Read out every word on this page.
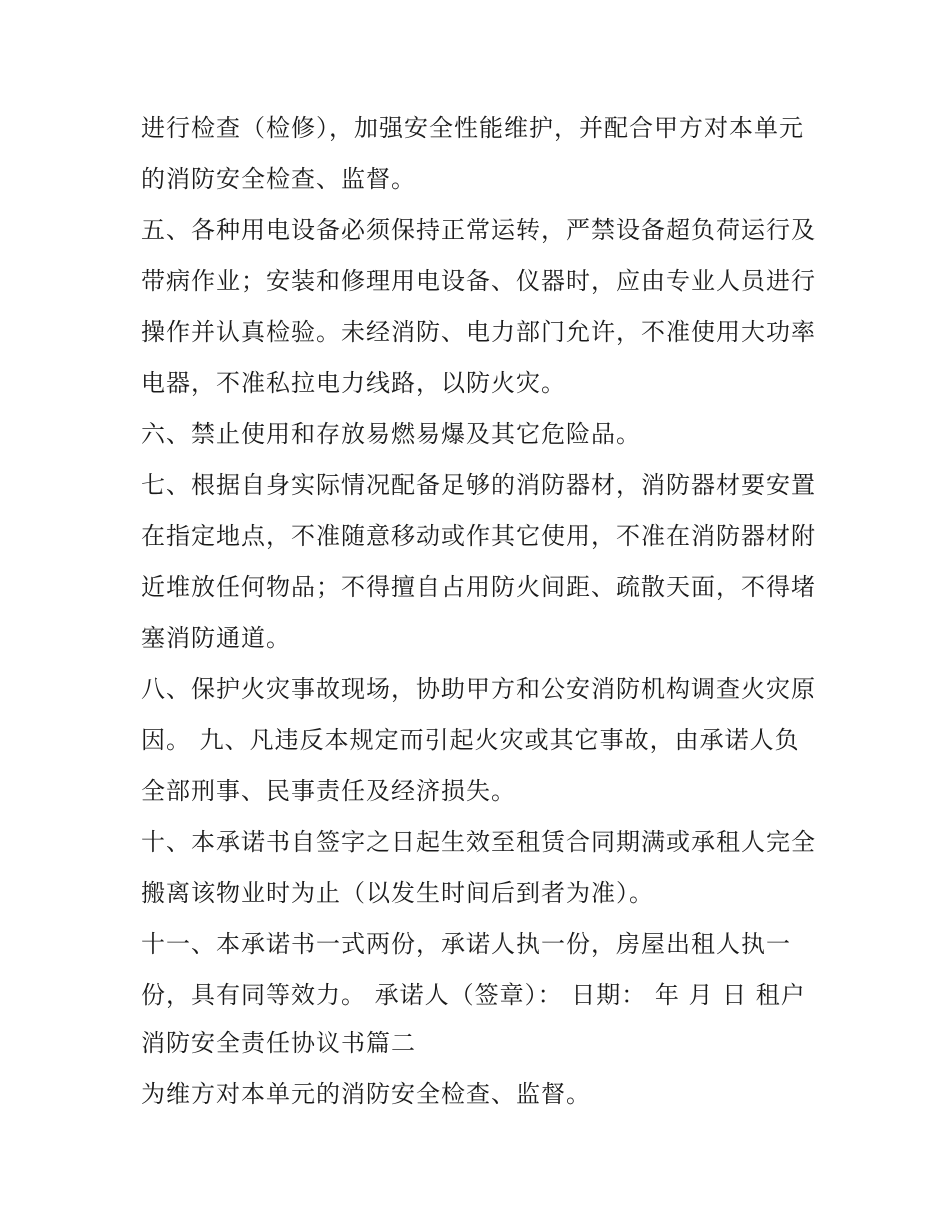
进行检查（检修），加强安全性能维护，并配合甲方对本单元
的消防安全检查、监督。
五、各种用电设备必须保持正常运转，严禁设备超负荷运行及
带病作业；安装和修理用电设备、仪器时，应由专业人员进行
操作并认真检验。未经消防、电力部门允许，不准使用大功率
电器，不准私拉电力线路，以防火灾。
六、禁止使用和存放易燃易爆及其它危险品。
七、根据自身实际情况配备足够的消防器材，消防器材要安置
在指定地点，不准随意移动或作其它使用，不准在消防器材附
近堆放任何物品；不得擅自占用防火间距、疏散天面，不得堵
塞消防通道。
八、保护火灾事故现场，协助甲方和公安消防机构调查火灾原
因。 九、凡违反本规定而引起火灾或其它事故，由承诺人负
全部刑事、民事责任及经济损失。
十、本承诺书自签字之日起生效至租赁合同期满或承租人完全
搬离该物业时为止（以发生时间后到者为准）。
十一、本承诺书一式两份，承诺人执一份，房屋出租人执一
份，具有同等效力。 承诺人（签章）： 日期： 年 月 日 租户
消防安全责任协议书篇二
为维方对本单元的消防安全检查、监督。
